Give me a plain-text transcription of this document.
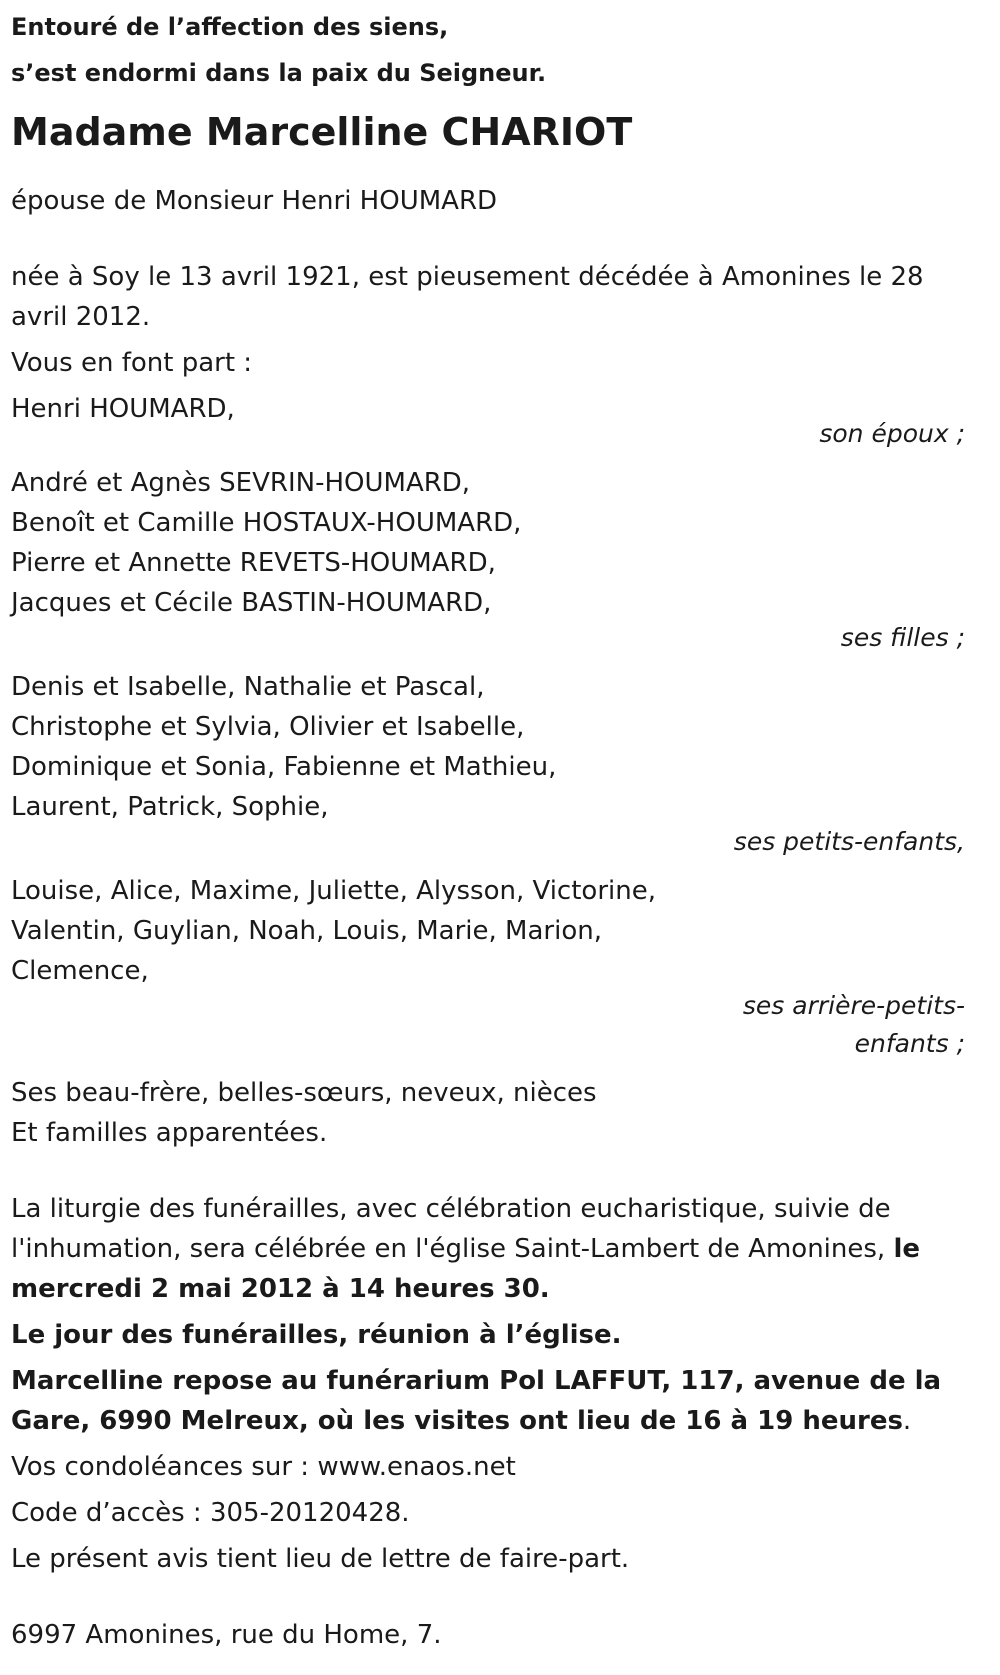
Entouré de l’affection des siens,
s’est endormi dans la paix du Seigneur.
Madame Marcelline CHARIOT
épouse de Monsieur Henri HOUMARD
née à Soy le 13 avril 1921, est pieusement décédée à Amonines le 28 avril 2012.
Vous en font part :
Henri HOUMARD,
son époux ;
André et Agnès SEVRIN-HOUMARD,
Benoît et Camille HOSTAUX-HOUMARD,
Pierre et Annette REVETS-HOUMARD,
Jacques et Cécile BASTIN-HOUMARD,
ses filles ;
Denis et Isabelle, Nathalie et Pascal,
Christophe et Sylvia, Olivier et Isabelle,
Dominique et Sonia, Fabienne et Mathieu,
Laurent, Patrick, Sophie,
ses petits-enfants,
Louise, Alice, Maxime, Juliette, Alysson, Victorine,
Valentin, Guylian, Noah, Louis, Marie, Marion,
Clemence,
ses arrière-petits-
enfants ;
Ses beau-frère, belles-sœurs, neveux, nièces
Et familles apparentées.
La liturgie des funérailles, avec célébration eucharistique, suivie de l'inhumation, sera célébrée en l'église Saint-Lambert de Amonines, le mercredi 2 mai 2012 à 14 heures 30.
Le jour des funérailles, réunion à l’église.
Marcelline repose au funérarium Pol LAFFUT, 117, avenue de la Gare, 6990 Melreux, où les visites ont lieu de 16 à 19 heures.
Vos condoléances sur : www.enaos.net
Code d’accès : 305-20120428.
Le présent avis tient lieu de lettre de faire-part.
6997 Amonines, rue du Home, 7.
